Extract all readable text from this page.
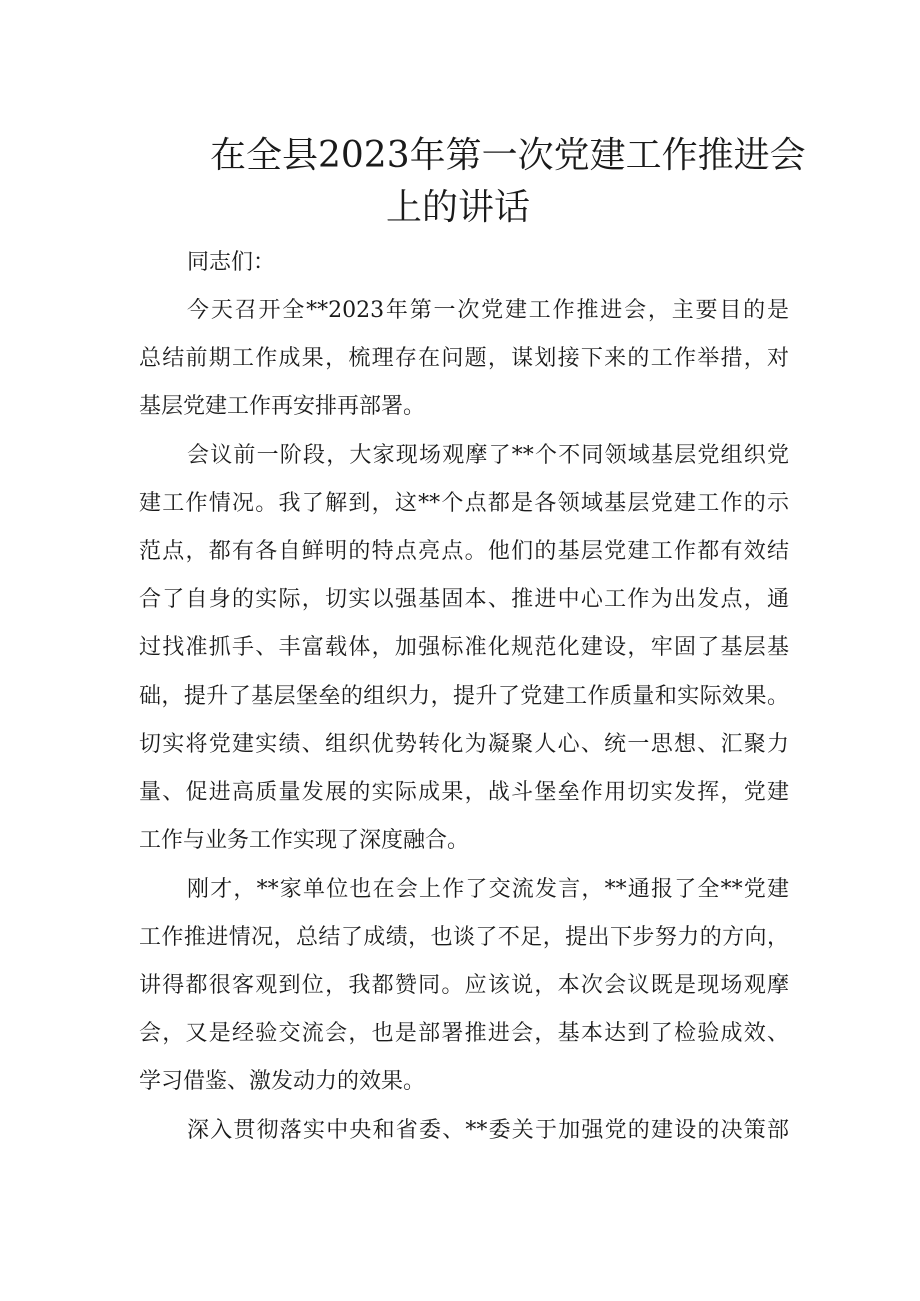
在全县2023年第一次党建工作推进会
上的讲话
同志们：
今天召开全**2023年第一次党建工作推进会，主要目的是
总结前期工作成果，梳理存在问题，谋划接下来的工作举措，对
基层党建工作再安排再部署。
会议前一阶段，大家现场观摩了**个不同领域基层党组织党
建工作情况。我了解到，这**个点都是各领域基层党建工作的示
范点，都有各自鲜明的特点亮点。他们的基层党建工作都有效结
合了自身的实际，切实以强基固本、推进中心工作为出发点，通
过找准抓手、丰富载体，加强标准化规范化建设，牢固了基层基
础，提升了基层堡垒的组织力，提升了党建工作质量和实际效果。
切实将党建实绩、组织优势转化为凝聚人心、统一思想、汇聚力
量、促进高质量发展的实际成果，战斗堡垒作用切实发挥，党建
工作与业务工作实现了深度融合。
刚才，**家单位也在会上作了交流发言，**通报了全**党建
工作推进情况，总结了成绩，也谈了不足，提出下步努力的方向，
讲得都很客观到位，我都赞同。应该说，本次会议既是现场观摩
会，又是经验交流会，也是部署推进会，基本达到了检验成效、
学习借鉴、激发动力的效果。
深入贯彻落实中央和省委、**委关于加强党的建设的决策部
